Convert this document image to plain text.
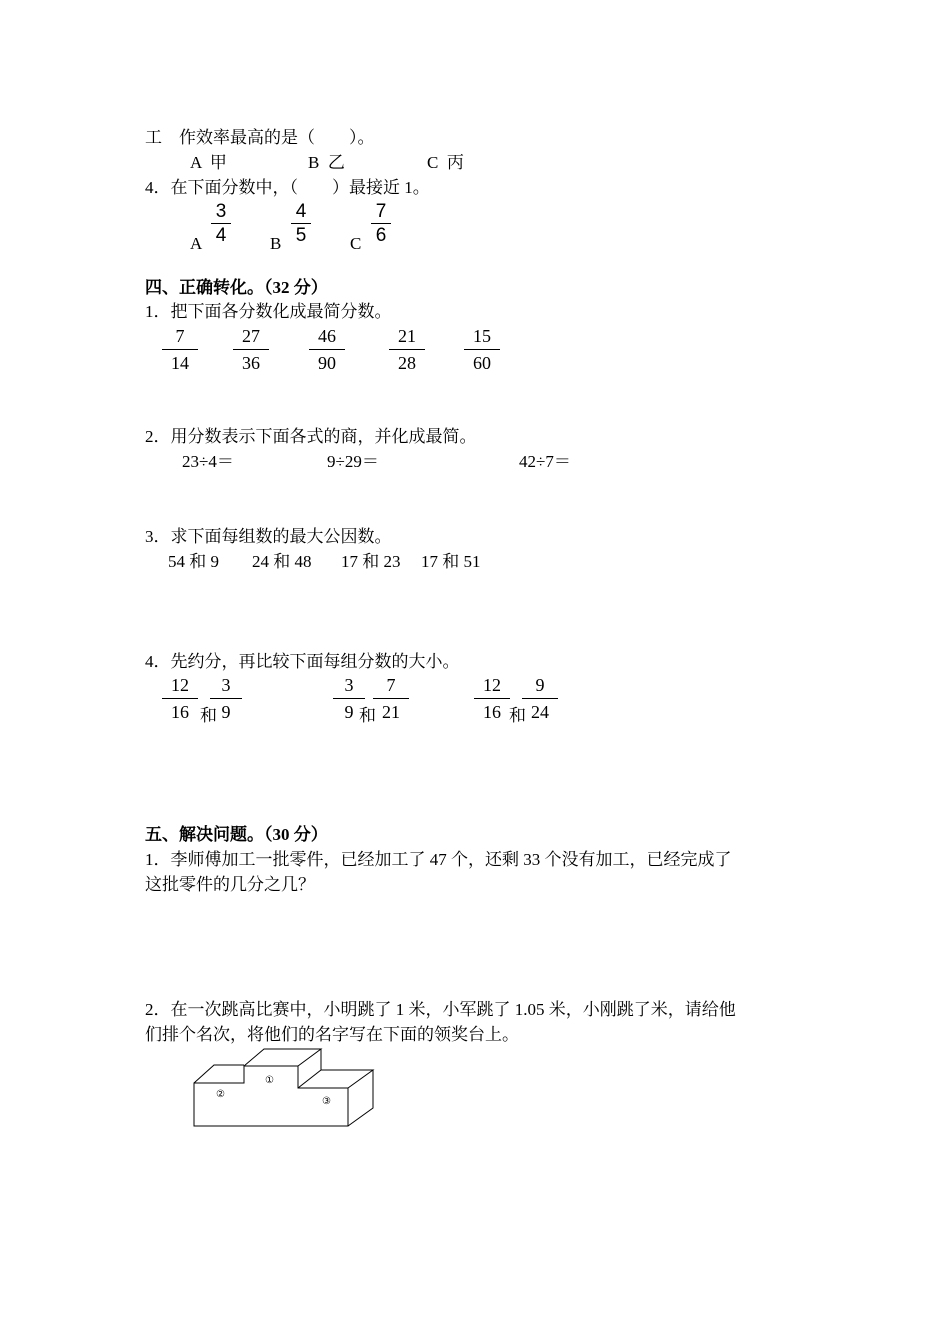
工    作效率最高的是（        ）。
A  甲	B  乙	C  丙
4．在下面分数中，（        ）最接近 1。
A
3
4	B
4
5	C
7
6
四、正确转化。（32 分）
1．把下面各分数化成最简分数。
7
14
27
36
46
90
21
28
15
60
2．用分数表示下面各式的商，并化成最简。
23÷4＝	9÷29＝	42÷7＝
3．求下面每组数的最大公因数。
54 和 9 24 和 48 17 和 23 17 和 51
4．先约分，再比较下面每组分数的大小。
12
16 和
3
9
3
9 和
7
21
12
16 和
9
24
五、解决问题。（30 分）
1．李师傅加工一批零件，已经加工了 47 个，还剩 33 个没有加工，已经完成了
这批零件的几分之几？
2．在一次跳高比赛中，小明跳了 1 米，小军跳了 1.05 米，小刚跳了米，请给他
们排个名次，将他们的名字写在下面的领奖台上。
①
②
③
